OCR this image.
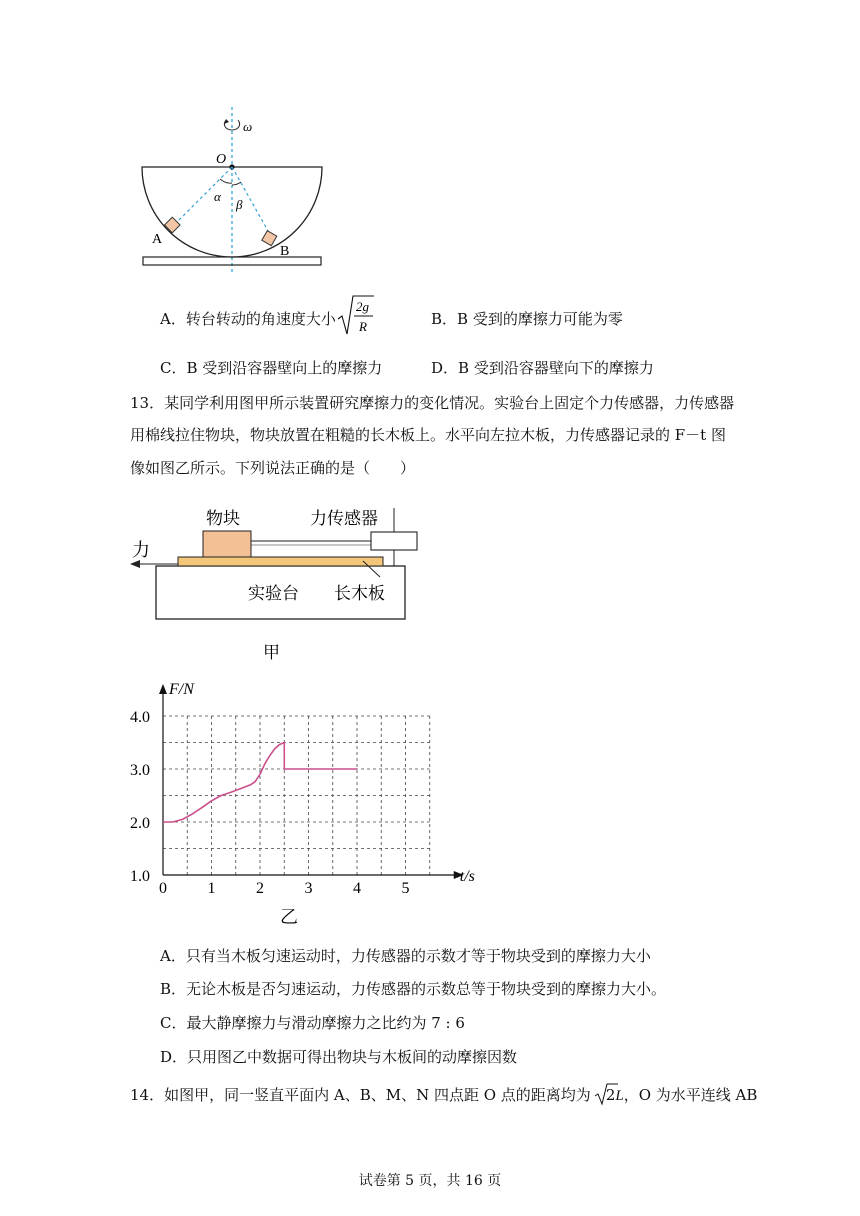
ω
O
α
β
A
B
A．转台转动的角速度大小
2g
R	B．B 受到的摩擦力可能为零
C．B 受到沿容器壁向上的摩擦力	D．B 受到沿容器壁向下的摩擦力
13．某同学利用图甲所示装置研究摩擦力的变化情况。实验台上固定个力传感器，力传感器
用棉线拉住物块，物块放置在粗糙的长木板上。水平向左拉木板，力传感器记录的 F－t 图
像如图乙所示。下列说法正确的是（　　）
物块	力传感器
力
实验台 长木板
甲
0	1	2	3	4	5
1.0
2.0
3.0
4.0
F/N
t/s
乙
A．只有当木板匀速运动时，力传感器的示数才等于物块受到的摩擦力大小
B．无论木板是否匀速运动，力传感器的示数总等于物块受到的摩擦力大小。
C．最大静摩擦力与滑动摩擦力之比约为 7 : 6
D．只用图乙中数据可得出物块与木板间的动摩擦因数
14．如图甲，同一竖直平面内 A、B、M、N 四点距 O 点的距离均为 2L，O 为水平连线 AB
试卷第 5 页，共 16 页
